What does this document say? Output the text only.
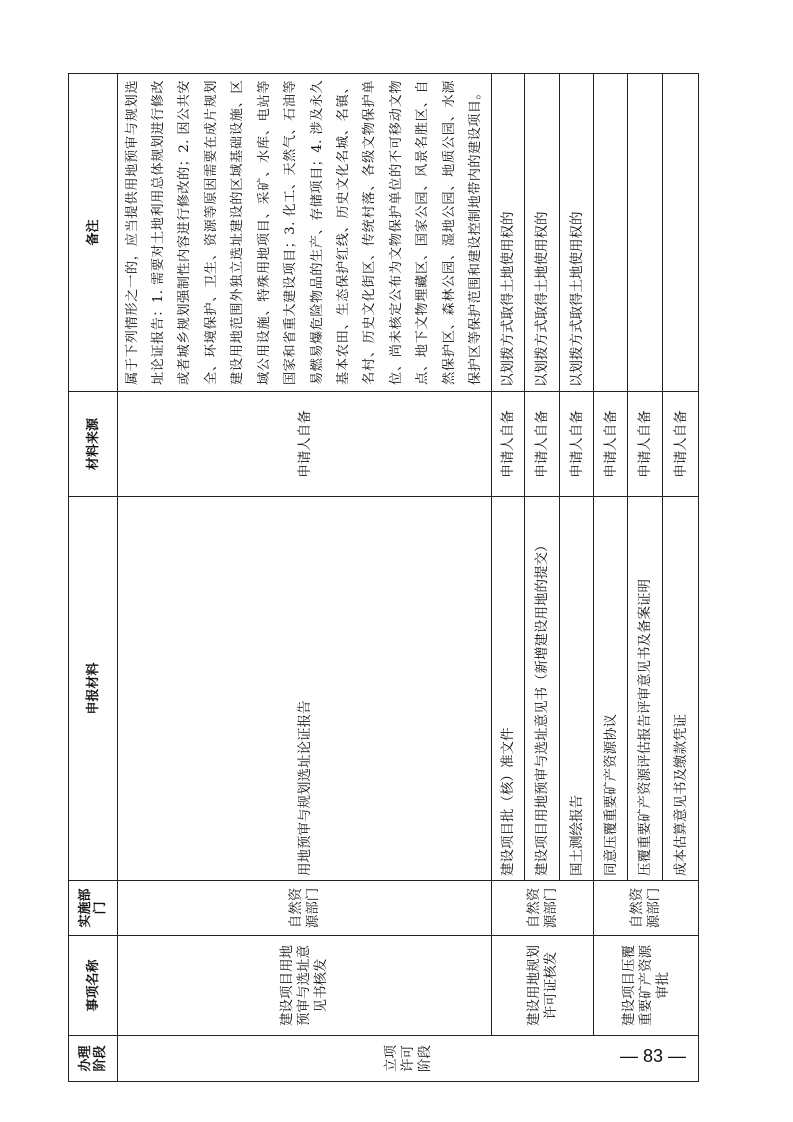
办理阶段	事项名称	实施部门	申报材料	材料来源	备注
立项许可阶段	建设项目用地预审与选址意见书核发	自然资源部门	用地预审与规划选址论证报告	申请人自备	属于下列情形之一的，应当提供用地预审与规划选址论证报告：1. 需要对土地利用总体规划进行修改或者城乡规划强制性内容进行修改的；2. 因公共安全、环境保护、卫生、资源等原因需要在成片规划建设用地范围外独立选址建设的区域基础设施、区域公用设施、特殊用地项目、采矿、水库、电站等国家和省重大建设项目；3. 化工、天然气、石油等易燃易爆危险物品的生产、存储项目；4. 涉及永久基本农田、生态保护红线、历史文化名城、名镇、名村、历史文化街区、传统村落、各级文物保护单位、尚未核定公布为文物保护单位的不可移动文物点、地下文物埋藏区、国家公园、风景名胜区、自然保护区、森林公园、湿地公园、地质公园、水源保护区等保护范围和建设控制地带内的建设项目。
	建设用地规划许可证核发	自然资源部门	建设项目批（核）准文件	申请人自备	以划拨方式取得土地使用权的
			建设项目用地预审与选址意见书（新增建设用地的提交）	申请人自备	以划拨方式取得土地使用权的
			国土测绘报告	申请人自备	以划拨方式取得土地使用权的
	建设项目压覆重要矿产资源审批	自然资源部门	同意压覆重要矿产资源协议	申请人自备	
			压覆重要矿产资源评估报告评审意见书及备案证明	申请人自备	
			成本估算意见书及缴款凭证	申请人自备	
— 83 —
